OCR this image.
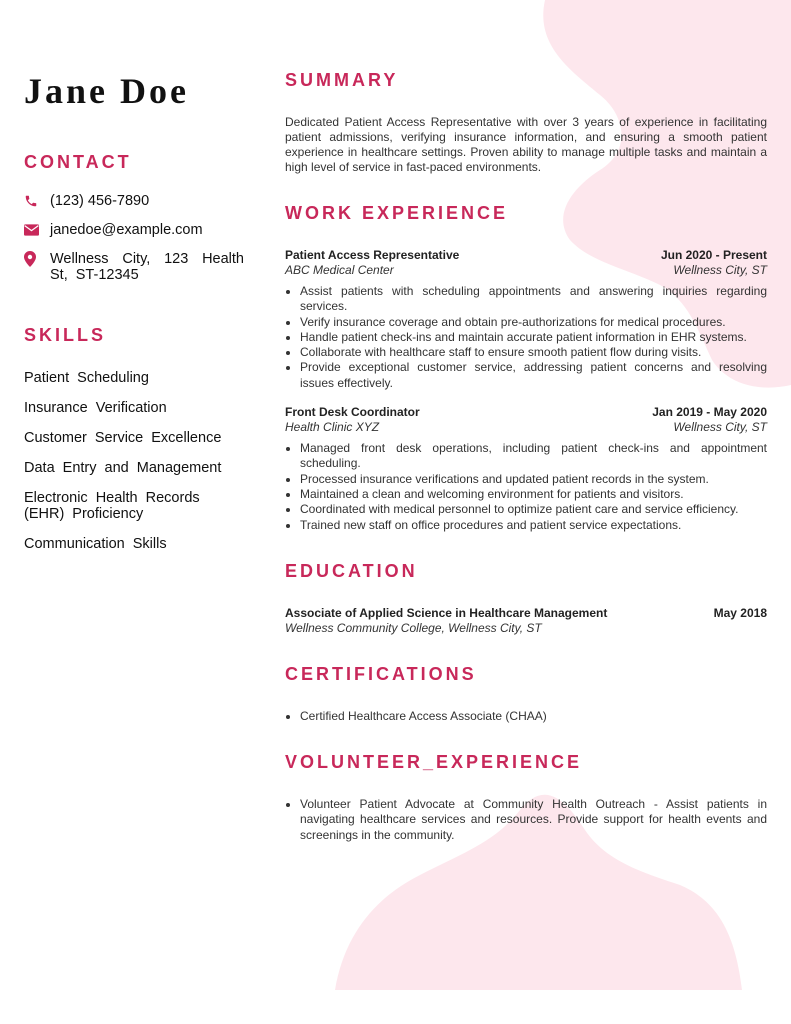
Jane Doe
CONTACT
(123) 456-7890
janedoe@example.com
Wellness City, 123 Health St, ST-12345
SKILLS
Patient Scheduling
Insurance Verification
Customer Service Excellence
Data Entry and Management
Electronic Health Records (EHR) Proficiency
Communication Skills
SUMMARY

Dedicated Patient Access Representative with over 3 years of experience in facilitating patient admissions, verifying insurance information, and ensuring a smooth patient experience in healthcare settings. Proven ability to manage multiple tasks and maintain a high level of service in fast-paced environments.

WORK EXPERIENCE
Patient Access Representative	Jun 2020 - Present
ABC Medical Center	Wellness City, ST
• Assist patients with scheduling appointments and answering inquiries regarding services.
• Verify insurance coverage and obtain pre-authorizations for medical procedures.
• Handle patient check-ins and maintain accurate patient information in EHR systems.
• Collaborate with healthcare staff to ensure smooth patient flow during visits.
• Provide exceptional customer service, addressing patient concerns and resolving issues effectively.
Front Desk Coordinator	Jan 2019 - May 2020
Health Clinic XYZ	Wellness City, ST
• Managed front desk operations, including patient check-ins and appointment scheduling.
• Processed insurance verifications and updated patient records in the system.
• Maintained a clean and welcoming environment for patients and visitors.
• Coordinated with medical personnel to optimize patient care and service efficiency.
• Trained new staff on office procedures and patient service expectations.
EDUCATION
Associate of Applied Science in Healthcare Management	May 2018
Wellness Community College, Wellness City, ST
CERTIFICATIONS
• Certified Healthcare Access Associate (CHAA)
VOLUNTEER_EXPERIENCE
• Volunteer Patient Advocate at Community Health Outreach - Assist patients in navigating healthcare services and resources. Provide support for health events and screenings in the community.
